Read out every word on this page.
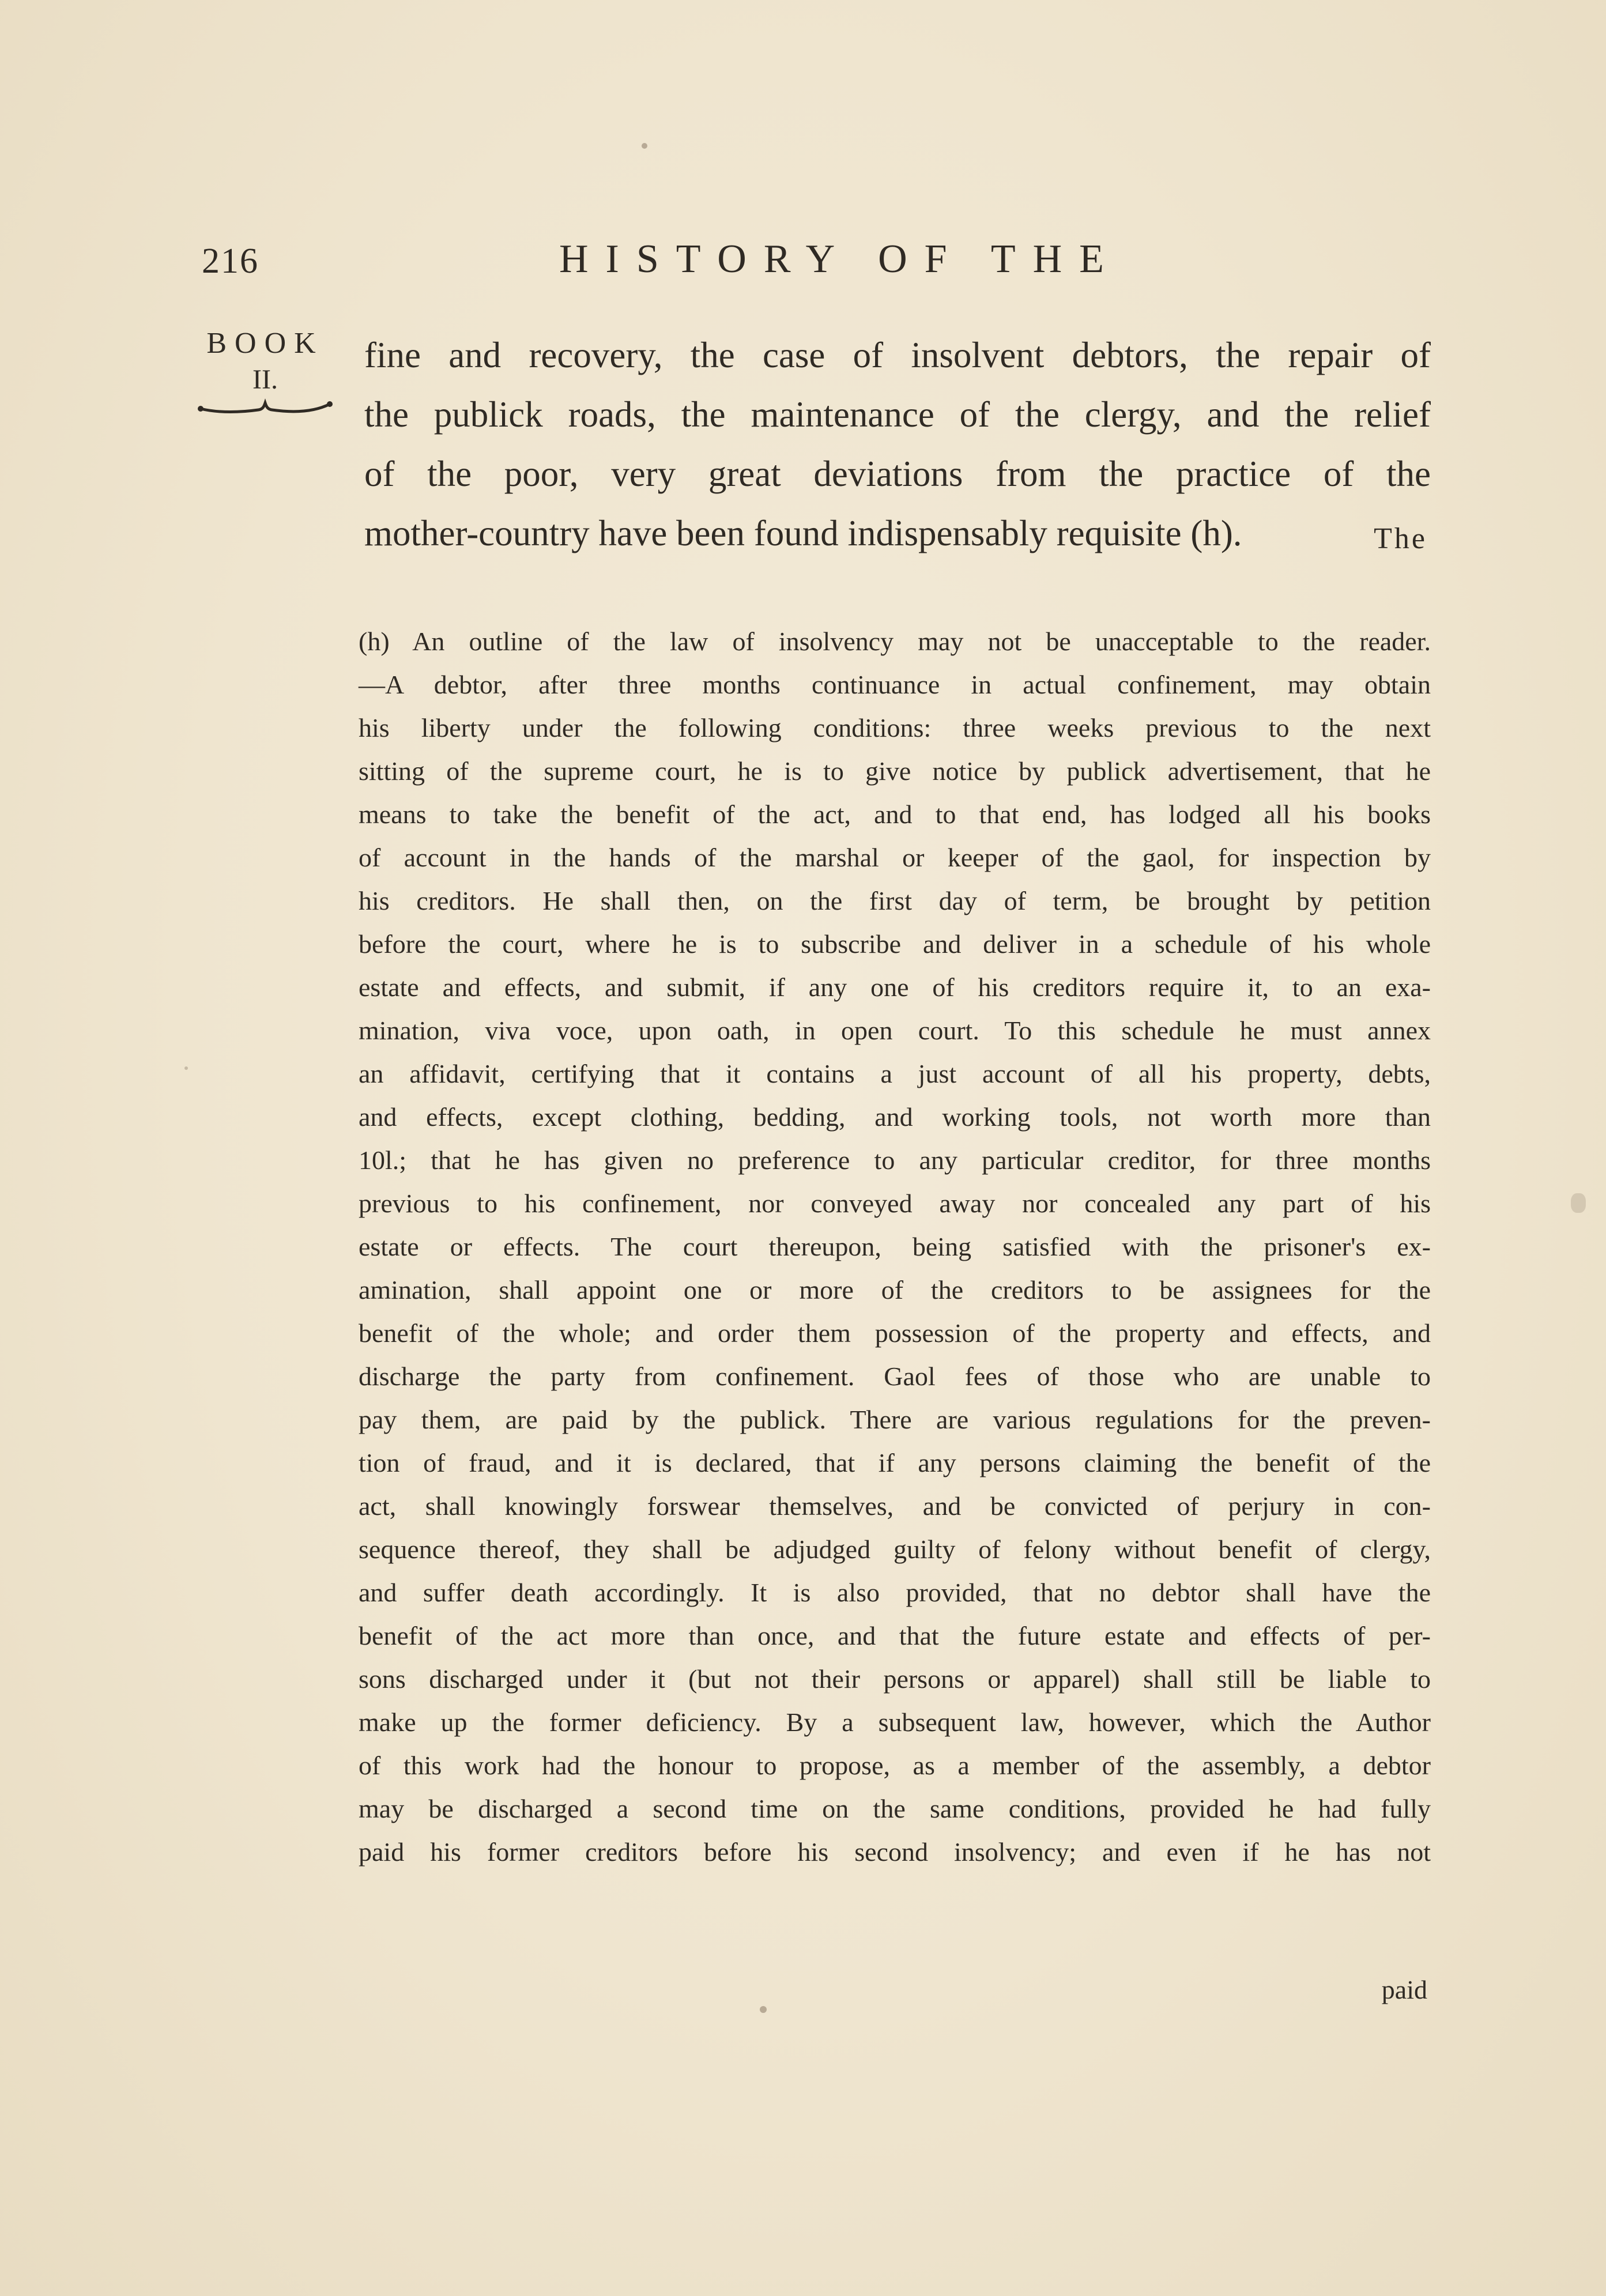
216	HISTORY OF THE
BOOK
II.
fine and recovery, the case of insolvent debtors, the repair of
the publick roads, the maintenance of the clergy, and the relief
of the poor, very great deviations from the practice of the
mother-country have been found indispensably requisite (h).	The
(h) An outline of the law of insolvency may not be unacceptable to the reader.
—A debtor, after three months continuance in actual confinement, may obtain
his liberty under the following conditions: three weeks previous to the next
sitting of the supreme court, he is to give notice by publick advertisement, that he
means to take the benefit of the act, and to that end, has lodged all his books
of account in the hands of the marshal or keeper of the gaol, for inspection by
his creditors. He shall then, on the first day of term, be brought by petition
before the court, where he is to subscribe and deliver in a schedule of his whole
estate and effects, and submit, if any one of his creditors require it, to an exa-
mination, viva voce, upon oath, in open court. To this schedule he must annex
an affidavit, certifying that it contains a just account of all his property, debts,
and effects, except clothing, bedding, and working tools, not worth more than
10l.; that he has given no preference to any particular creditor, for three months
previous to his confinement, nor conveyed away nor concealed any part of his
estate or effects. The court thereupon, being satisfied with the prisoner's ex-
amination, shall appoint one or more of the creditors to be assignees for the
benefit of the whole; and order them possession of the property and effects, and
discharge the party from confinement. Gaol fees of those who are unable to
pay them, are paid by the publick. There are various regulations for the preven-
tion of fraud, and it is declared, that if any persons claiming the benefit of the
act, shall knowingly forswear themselves, and be convicted of perjury in con-
sequence thereof, they shall be adjudged guilty of felony without benefit of clergy,
and suffer death accordingly. It is also provided, that no debtor shall have the
benefit of the act more than once, and that the future estate and effects of per-
sons discharged under it (but not their persons or apparel) shall still be liable to
make up the former deficiency. By a subsequent law, however, which the Author
of this work had the honour to propose, as a member of the assembly, a debtor
may be discharged a second time on the same conditions, provided he had fully
paid his former creditors before his second insolvency; and even if he has not
paid
